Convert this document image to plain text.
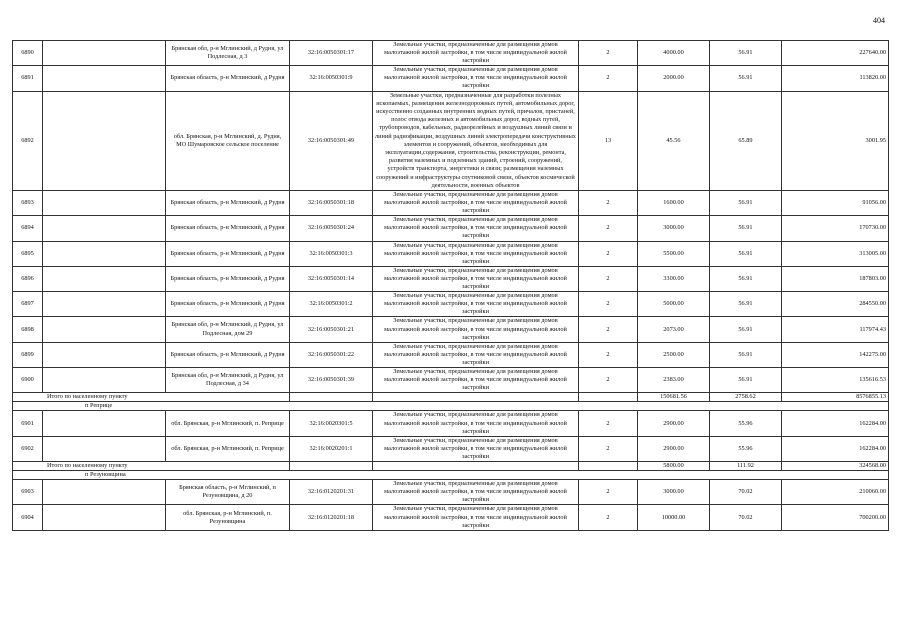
404
6890		Брянская обл, р-н Мглинский, д Рудня, ул Подлесная, д 3	32:16:0050301:17	Земельные участки, предназначенные для размещения домов малоэтажной жилой застройки, в том числе индивидуальной жилой застройки	2	4000.00	56.91	227640.00
6891		Брянская область, р-н Мглинский, д Рудня	32:16:0050301:9	Земельные участки, предназначенные для размещения домов малоэтажной жилой застройки, в том числе индивидуальной жилой застройки	2	2000.00	56.91	113820.00
6892		обл. Брянская, р-н Мглинский, д. Рудня, МО Шумаровское сельское поселение	32:16:0050301:49	Земельные участки, предназначенные для разработки полезных ископаемых, размещения железнодорожных путей, автомобильных дорог, искусственно созданных внутренних водных путей, причалов, пристаней, полос отвода железных и автомобильных дорог, водных путей, трубопроводов, кабельных, радиорелейных и воздушных линий связи и линий радиофикации, воздушных линий электропередачи конструктивных элементов и сооружений, объектов, необходимых для эксплуатации,содержания, строительства, реконструкции, ремонта, развития наземных и подземных зданий, строений, сооружений, устройств транспорта, энергетики и связи; размещения наземных сооружений и инфраструктуры спутниковой связи, объектов космической деятельности, военных объектов	13	45.56	65.89	3001.95
6893		Брянская область, р-н Мглинский, д Рудня	32:16:0050301:18	Земельные участки, предназначенные для размещения домов малоэтажной жилой застройки, в том числе индивидуальной жилой застройки	2	1600.00	56.91	91056.00
6894		Брянская область, р-н Мглинский, д Рудня	32:16:0050301:24	Земельные участки, предназначенные для размещения домов малоэтажной жилой застройки, в том числе индивидуальной жилой застройки	2	3000.00	56.91	170730.00
6895		Брянская область, р-н Мглинский, д Рудня	32:16:0050301:3	Земельные участки, предназначенные для размещения домов малоэтажной жилой застройки, в том числе индивидуальной жилой застройки	2	5500.00	56.91	313005.00
6896		Брянская область, р-н Мглинский, д Рудня	32:16:0050301:14	Земельные участки, предназначенные для размещения домов малоэтажной жилой застройки, в том числе индивидуальной жилой застройки	2	3300.00	56.91	187803.00
6897		Брянская область, р-н Мглинский, д Рудня	32:16:0050301:2	Земельные участки, предназначенные для размещения домов малоэтажной жилой застройки, в том числе индивидуальной жилой застройки	2	5000.00	56.91	284550.00
6898		Брянская обл, р-н Мглинский, д Рудня, ул Подлесная, дом 29	32:16:0050301:21	Земельные участки, предназначенные для размещения домов малоэтажной жилой застройки, в том числе индивидуальной жилой застройки	2	2073.00	56.91	117974.43
6899		Брянская область, р-н Мглинский, д Рудня	32:16:0050301:22	Земельные участки, предназначенные для размещения домов малоэтажной жилой застройки, в том числе индивидуальной жилой застройки	2	2500.00	56.91	142275.00
6900		Брянская обл, р-н Мглинский, д Рудня, ул Подлесная, д 34	32:16:0050301:39	Земельные участки, предназначенные для размещения домов малоэтажной жилой застройки, в том числе индивидуальной жилой застройки	2	2383.00	56.91	135616.53
Итого по населенному пункту						150681.56	2758.62	8576855.13
п Реприце								
6901		обл. Брянская, р-н Мглинский, п. Реприце	32:16:0020301:5	Земельные участки, предназначенные для размещения домов малоэтажной жилой застройки, в том числе индивидуальной жилой застройки	2	2900.00	55.96	162284.00
6902		обл. Брянская, р-н Мглинский, п. Реприце	32:16:0020201:1	Земельные участки, предназначенные для размещения домов малоэтажной жилой застройки, в том числе индивидуальной жилой застройки	2	2900.00	55.96	162284.00
Итого по населенному пункту						5800.00	111.92	324568.00
п Резуновщина								
6903		Брянская область, р-н Мглинский, п Резуновщина, д 20	32:16:0120201:31	Земельные участки, предназначенные для размещения домов малоэтажной жилой застройки, в том числе индивидуальной жилой застройки	2	3000.00	70.02	210060.00
6904		обл. Брянская, р-н Мглинский, п. Резуновщина	32:16:0120201:18	Земельные участки, предназначенные для размещения домов малоэтажной жилой застройки, в том числе индивидуальной жилой застройки	2	10000.00	70.02	700200.00
